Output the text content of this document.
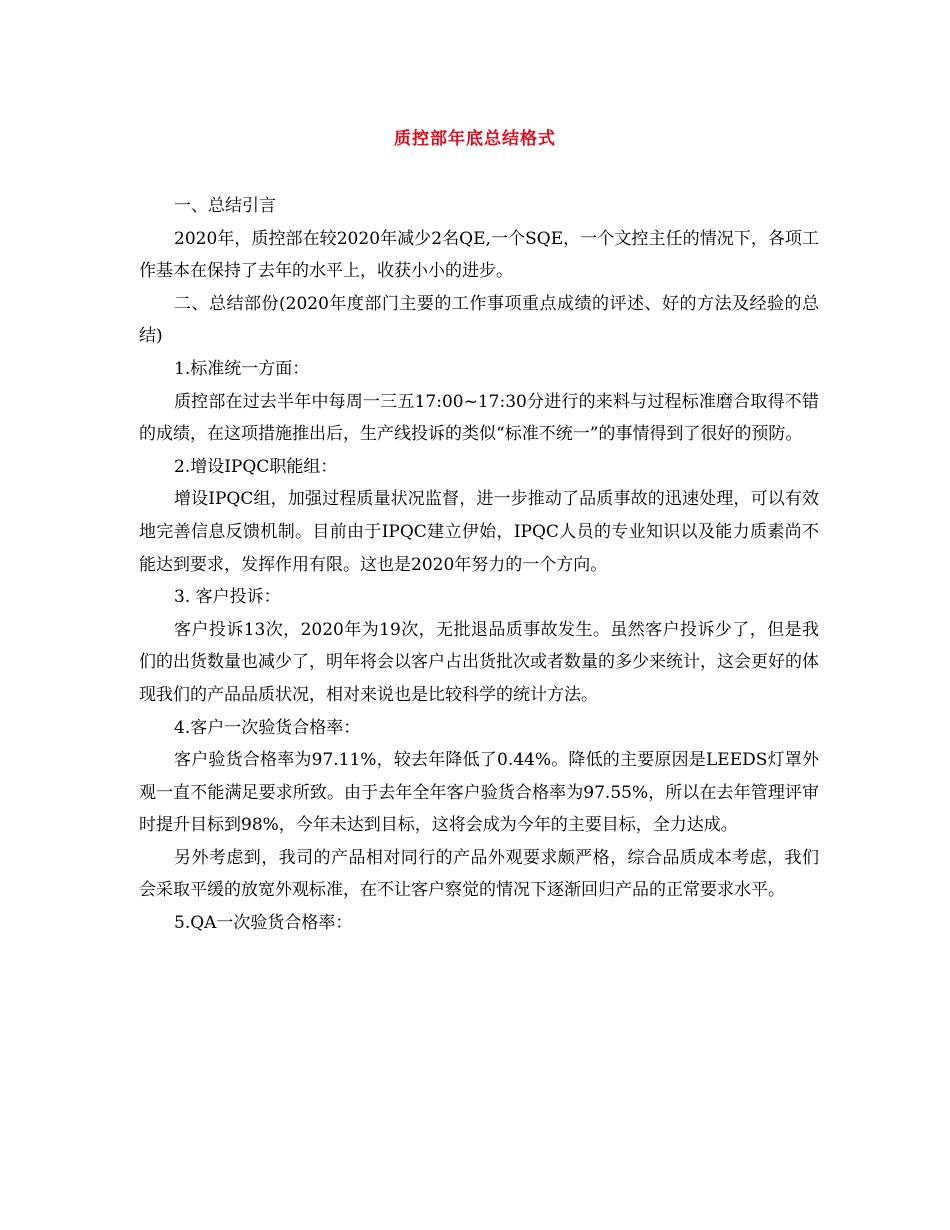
质控部年底总结格式

一、总结引言

2020年，质控部在较2020年减少2名QE,一个SQE，一个文控主任的情况下，各项工作基本在保持了去年的水平上，收获小小的进步。

二、总结部份(2020年度部门主要的工作事项重点成绩的评述、好的方法及经验的总结)

1.标准统一方面：

质控部在过去半年中每周一三五17:00~17:30分进行的来料与过程标准磨合取得不错的成绩，在这项措施推出后，生产线投诉的类似“标准不统一”的事情得到了很好的预防。

2.增设IPQC职能组：

增设IPQC组，加强过程质量状况监督，进一步推动了品质事故的迅速处理，可以有效地完善信息反馈机制。目前由于IPQC建立伊始，IPQC人员的专业知识以及能力质素尚不能达到要求，发挥作用有限。这也是2020年努力的一个方向。

3. 客户投诉：

客户投诉13次，2020年为19次，无批退品质事故发生。虽然客户投诉少了，但是我们的出货数量也减少了，明年将会以客户占出货批次或者数量的多少来统计，这会更好的体现我们的产品品质状况，相对来说也是比较科学的统计方法。

4.客户一次验货合格率：

客户验货合格率为97.11%，较去年降低了0.44%。降低的主要原因是LEEDS灯罩外观一直不能满足要求所致。由于去年全年客户验货合格率为97.55%，所以在去年管理评审时提升目标到98%，今年未达到目标，这将会成为今年的主要目标，全力达成。

另外考虑到，我司的产品相对同行的产品外观要求颇严格，综合品质成本考虑，我们会采取平缓的放宽外观标准，在不让客户察觉的情况下逐渐回归产品的正常要求水平。

5.QA一次验货合格率：
